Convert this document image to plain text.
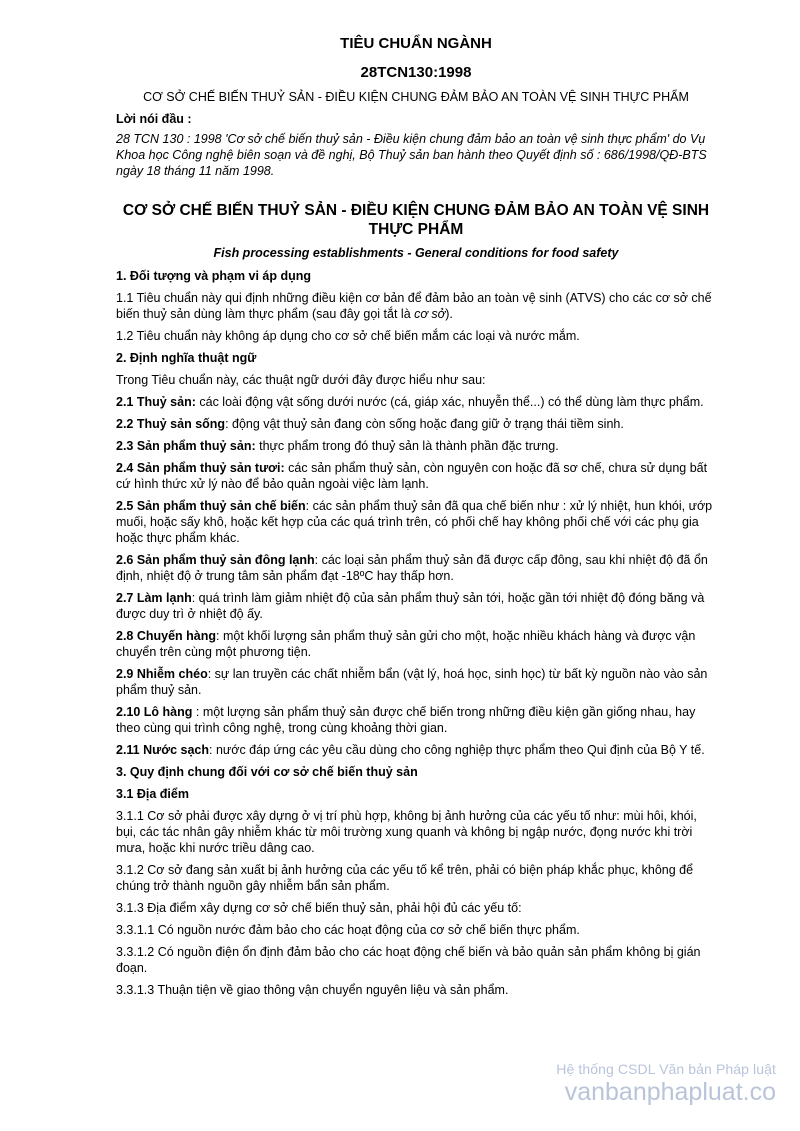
TIÊU CHUẨN NGÀNH

28TCN130:1998

CƠ SỞ CHẾ BIẾN THUỶ SẢN - ĐIỀU KIỆN CHUNG ĐẢM BẢO AN TOÀN VỆ SINH THỰC PHẨM

Lời nói đầu :

28 TCN 130 : 1998 'Cơ sở chế biến thuỷ sản - Điều kiện chung đảm bảo an toàn vệ sinh thực phẩm' do Vụ Khoa học Công nghệ biên soạn và đề nghị, Bộ Thuỷ sản ban hành theo Quyết định số : 686/1998/QĐ-BTS ngày 18 tháng 11 năm 1998.

CƠ SỞ CHẾ BIẾN THUỶ SẢN - ĐIỀU KIỆN CHUNG ĐẢM BẢO AN TOÀN VỆ SINH THỰC PHẨM

Fish processing establishments - General conditions for food safety

1. Đối tượng và phạm vi áp dụng

1.1 Tiêu chuẩn này qui định những điều kiện cơ bản để đảm bảo an toàn vệ sinh (ATVS) cho các cơ sở chế biến thuỷ sản dùng làm thực phẩm (sau đây gọi tắt là cơ sở).

1.2 Tiêu chuẩn này không áp dụng cho cơ sở chế biến mắm các loại và nước mắm.

2. Định nghĩa thuật ngữ

Trong Tiêu chuẩn này, các thuật ngữ dưới đây được hiểu như sau:

2.1 Thuỷ sản: các loài động vật sống dưới nước (cá, giáp xác, nhuyễn thể...) có thể dùng làm thực phẩm.

2.2 Thuỷ sản sống: động vật thuỷ sản đang còn sống hoặc đang giữ ở trạng thái tiềm sinh.

2.3 Sản phẩm thuỷ sản: thực phẩm trong đó thuỷ sản là thành phần đặc trưng.

2.4 Sản phẩm thuỷ sản tươi: các sản phẩm thuỷ sản, còn nguyên con hoặc đã sơ chế, chưa sử dụng bất cứ hình thức xử lý nào để bảo quản ngoài việc làm lạnh.

2.5 Sản phẩm thuỷ sản chế biến: các sản phẩm thuỷ sản đã qua chế biến như : xử lý nhiệt, hun khói, ướp muối, hoặc sấy khô, hoặc kết hợp của các quá trình trên, có phối chế hay không phối chế với các phụ gia hoặc thực phẩm khác.

2.6 Sản phẩm thuỷ sản đông lạnh: các loại sản phẩm thuỷ sản đã được cấp đông, sau khi nhiệt độ đã ổn định, nhiệt độ ở trung tâm sản phẩm đạt -18ºC hay thấp hơn.

2.7 Làm lạnh: quá trình làm giảm nhiệt độ của sản phẩm thuỷ sản tới, hoặc gần tới nhiệt độ đóng băng và được duy trì ở nhiệt độ ấy.

2.8 Chuyến hàng: một khối lượng sản phẩm thuỷ sản gửi cho một, hoặc nhiều khách hàng và được vận chuyển trên cùng một phương tiện.

2.9 Nhiễm chéo: sự lan truyền các chất nhiễm bẩn (vật lý, hoá học, sinh học) từ bất kỳ nguồn nào vào sản phẩm thuỷ sản.

2.10 Lô hàng : một lượng sản phẩm thuỷ sản được chế biến trong những điều kiện gần giống nhau, hay theo cùng qui trình công nghệ, trong cùng khoảng thời gian.

2.11 Nước sạch: nước đáp ứng các yêu cầu dùng cho công nghiệp thực phẩm theo Qui định của Bộ Y tế.

3. Quy định chung đối với cơ sở chế biến thuỷ sản

3.1 Địa điểm

3.1.1 Cơ sở phải được xây dựng ở vị trí phù hợp, không bị ảnh hưởng của các yếu tố như: mùi hôi, khói, bụi, các tác nhân gây nhiễm khác từ môi trường xung quanh và không bị ngập nước, đọng nước khi trời mưa, hoặc khi nước triều dâng cao.

3.1.2 Cơ sở đang sản xuất bị ảnh hưởng của các yếu tố kể trên, phải có biện pháp khắc phục, không để chúng trở thành nguồn gây nhiễm bẩn sản phẩm.

3.1.3 Địa điểm xây dựng cơ sở chế biến thuỷ sản, phải hội đủ các yếu tố:

3.3.1.1 Có nguồn nước đảm bảo cho các hoạt động của cơ sở chế biến thực phẩm.

3.3.1.2 Có nguồn điện ổn định đảm bảo cho các hoạt động chế biến và bảo quản sản phẩm không bị gián đoạn.

3.3.1.3 Thuận tiện về giao thông vận chuyển nguyên liệu và sản phẩm.

Hệ thống CSDL Văn bản Pháp luật
vanbanphapluat.co
